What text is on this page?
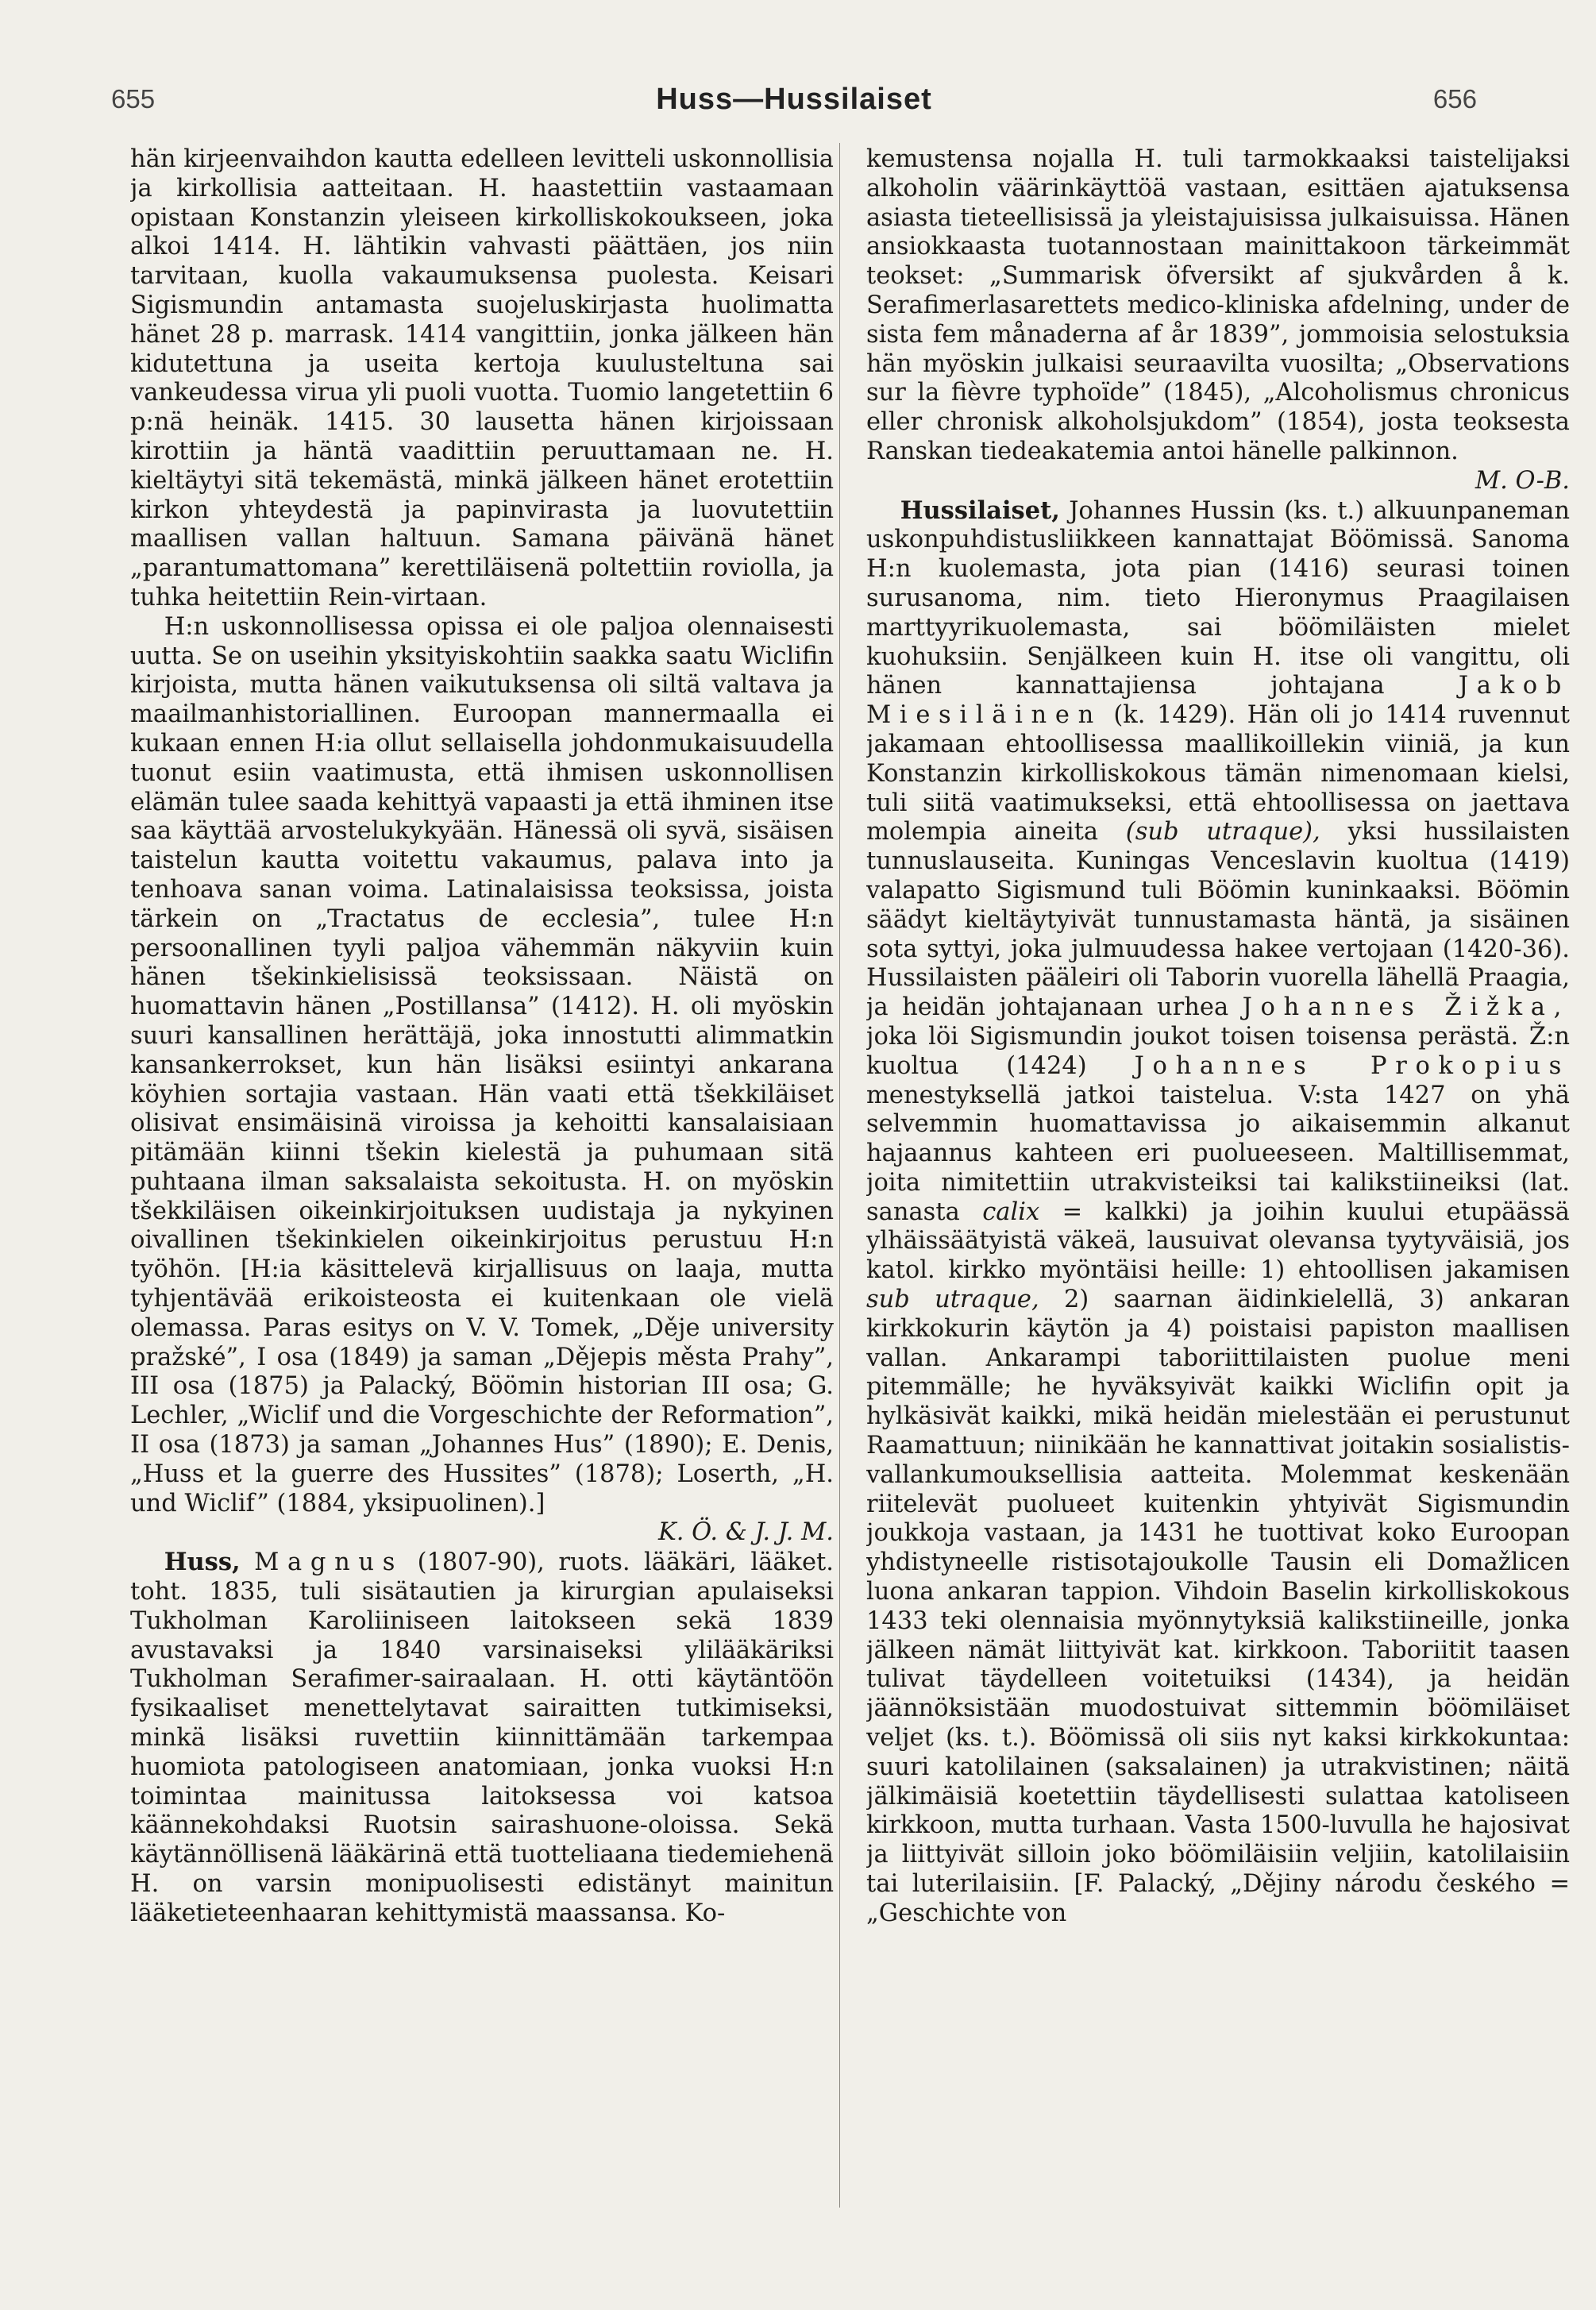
655	Huss—Hussilaiset	656

hän kirjeenvaihdon kautta edelleen levitteli uskonnollisia ja kirkollisia aatteitaan. H. haastettiin vastaamaan opistaan Konstanzin yleiseen kirkolliskokoukseen, joka alkoi 1414. H. lähtikin vahvasti päättäen, jos niin tarvitaan, kuolla vakaumuksensa puolesta. Keisari Sigismundin antamasta suojeluskirjasta huolimatta hänet 28 p. marrask. 1414 vangittiin, jonka jälkeen hän kidutettuna ja useita kertoja kuulusteltuna sai vankeudessa virua yli puoli vuotta. Tuomio langetettiin 6 p:nä heinäk. 1415. 30 lausetta hänen kirjoissaan kirottiin ja häntä vaadittiin peruuttamaan ne. H. kieltäytyi sitä tekemästä, minkä jälkeen hänet erotettiin kirkon yhteydestä ja papinvirasta ja luovutettiin maallisen vallan haltuun. Samana päivänä hänet „parantumattomana” kerettiläisenä poltettiin roviolla, ja tuhka heitettiin Rein-virtaan.

H:n uskonnollisessa opissa ei ole paljoa olennaisesti uutta. Se on useihin yksityiskohtiin saakka saatu Wiclifin kirjoista, mutta hänen vaikutuksensa oli siltä valtava ja maailmanhistoriallinen. Euroopan mannermaalla ei kukaan ennen H:ia ollut sellaisella johdonmukaisuudella tuonut esiin vaatimusta, että ihmisen uskonnollisen elämän tulee saada kehittyä vapaasti ja että ihminen itse saa käyttää arvostelukykyään. Hänessä oli syvä, sisäisen taistelun kautta voitettu vakaumus, palava into ja tenhoava sanan voima. Latinalaisissa teoksissa, joista tärkein on „Tractatus de ecclesia”, tulee H:n persoonallinen tyyli paljoa vähemmän näkyviin kuin hänen tšekinkielisissä teoksissaan. Näistä on huomattavin hänen „Postillansa” (1412). H. oli myöskin suuri kansallinen herättäjä, joka innostutti alimmatkin kansankerrokset, kun hän lisäksi esiintyi ankarana köyhien sortajia vastaan. Hän vaati että tšekkiläiset olisivat ensimäisinä viroissa ja kehoitti kansalaisiaan pitämään kiinni tšekin kielestä ja puhumaan sitä puhtaana ilman saksalaista sekoitusta. H. on myöskin tšekkiläisen oikeinkirjoituksen uudistaja ja nykyinen oivallinen tšekinkielen oikeinkirjoitus perustuu H:n työhön. [H:ia käsittelevä kirjallisuus on laaja, mutta tyhjentävää erikoisteosta ei kuitenkaan ole vielä olemassa. Paras esitys on V. V. Tomek, „Děje university pražské”, I osa (1849) ja saman „Dějepis města Prahy”, III osa (1875) ja Palacký, Böömin historian III osa; G. Lechler, „Wiclif und die Vorgeschichte der Reformation”, II osa (1873) ja saman „Johannes Hus” (1890); E. Denis, „Huss et la guerre des Hussites” (1878); Loserth, „H. und Wiclif” (1884, yksipuolinen).]

K. Ö. & J. J. M.

Huss, Magnus (1807-90), ruots. lääkäri, lääket. toht. 1835, tuli sisätautien ja kirurgian apulaiseksi Tukholman Karoliiniseen laitokseen sekä 1839 avustavaksi ja 1840 varsinaiseksi ylilääkäriksi Tukholman Serafimer-sairaalaan. H. otti käytäntöön fysikaaliset menettelytavat sairaitten tutkimiseksi, minkä lisäksi ruvettiin kiinnittämään tarkempaa huomiota patologiseen anatomiaan, jonka vuoksi H:n toimintaa mainitussa laitoksessa voi katsoa käännekohdaksi Ruotsin sairashuone-oloissa. Sekä käytännöllisenä lääkärinä että tuotteliaana tiedemiehenä H. on varsin monipuolisesti edistänyt mainitun lääketieteenhaaran kehittymistä maassansa. Ko-

kemustensa nojalla H. tuli tarmokkaaksi taistelijaksi alkoholin väärinkäyttöä vastaan, esittäen ajatuksensa asiasta tieteellisissä ja yleistajuisissa julkaisuissa. Hänen ansiokkaasta tuotannostaan mainittakoon tärkeimmät teokset: „Summarisk öfversikt af sjukvården å k. Serafimerlasarettets medico-kliniska afdelning, under de sista fem månaderna af år 1839”, jommoisia selostuksia hän myöskin julkaisi seuraavilta vuosilta; „Observations sur la fièvre typhoïde” (1845), „Alcoholismus chronicus eller chronisk alkoholsjukdom” (1854), josta teoksesta Ranskan tiedeakatemia antoi hänelle palkinnon.

M. O-B.

Hussilaiset, Johannes Hussin (ks. t.) alkuunpaneman uskonpuhdistusliikkeen kannattajat Böömissä. Sanoma H:n kuolemasta, jota pian (1416) seurasi toinen surusanoma, nim. tieto Hieronymus Praagilaisen marttyyrikuolemasta, sai böömiläisten mielet kuohuksiin. Senjälkeen kuin H. itse oli vangittu, oli hänen kannattajiensa johtajana	Jakob Miesiläinen (k. 1429). Hän oli jo 1414 ruvennut jakamaan ehtoollisessa maallikoillekin viiniä, ja kun Konstanzin kirkolliskokous tämän nimenomaan kielsi, tuli siitä vaatimukseksi, että ehtoollisessa on jaettava molempia aineita (sub utraque), yksi hussilaisten tunnuslauseita. Kuningas Venceslavin kuoltua (1419) valapatto Sigismund tuli Böömin kuninkaaksi. Böömin säädyt kieltäytyivät tunnustamasta häntä, ja sisäinen sota syttyi, joka julmuudessa hakee vertojaan (1420-36). Hussilaisten pääleiri oli Taborin vuorella lähellä Praagia, ja heidän johtajanaan urhea Johannes Žižka, joka löi Sigismundin joukot toisen toisensa perästä. Ž:n kuoltua (1424) Johannes Prokopius menestyksellä jatkoi taistelua. V:sta 1427 on yhä selvemmin huomattavissa jo aikaisemmin alkanut hajaannus kahteen eri puolueeseen. Maltillisemmat, joita nimitettiin utrakvisteiksi tai kalikstiineiksi (lat. sanasta calix = kalkki) ja joihin kuului etupäässä ylhäissäätyistä väkeä, lausuivat olevansa tyytyväisiä, jos katol. kirkko myöntäisi heille: 1) ehtoollisen jakamisen sub utraque, 2) saarnan äidinkielellä, 3) ankaran kirkkokurin käytön ja 4) poistaisi papiston maallisen vallan. Ankarampi taboriittilaisten puolue meni pitemmälle; he hyväksyivät kaikki Wiclifin opit ja hylkäsivät kaikki, mikä heidän mielestään ei perustunut Raamattuun; niinikään he kannattivat joitakin sosialistis-vallankumouksellisia aatteita. Molemmat keskenään riitelevät puolueet kuitenkin yhtyivät Sigismundin joukkoja vastaan, ja 1431 he tuottivat koko Euroopan yhdistyneelle ristisotajoukolle Tausin eli Domažlicen luona ankaran tappion. Vihdoin Baselin kirkolliskokous 1433 teki olennaisia myönnytyksiä kalikstiineille, jonka jälkeen nämät liittyivät kat. kirkkoon. Taboriitit taasen tulivat täydelleen voitetuiksi (1434), ja heidän jäännöksistään muodostuivat sittemmin böömiläiset veljet (ks. t.). Böömissä oli siis nyt kaksi kirkkokuntaa: suuri katolilainen (saksalainen) ja utrakvistinen; näitä jälkimäisiä koetettiin täydellisesti sulattaa katoliseen kirkkoon, mutta turhaan. Vasta 1500-luvulla he hajosivat ja liittyivät silloin joko böömiläisiin veljiin, katolilaisiin tai luterilaisiin. [F. Palacký, „Dějiny národu českého = „Geschichte von
